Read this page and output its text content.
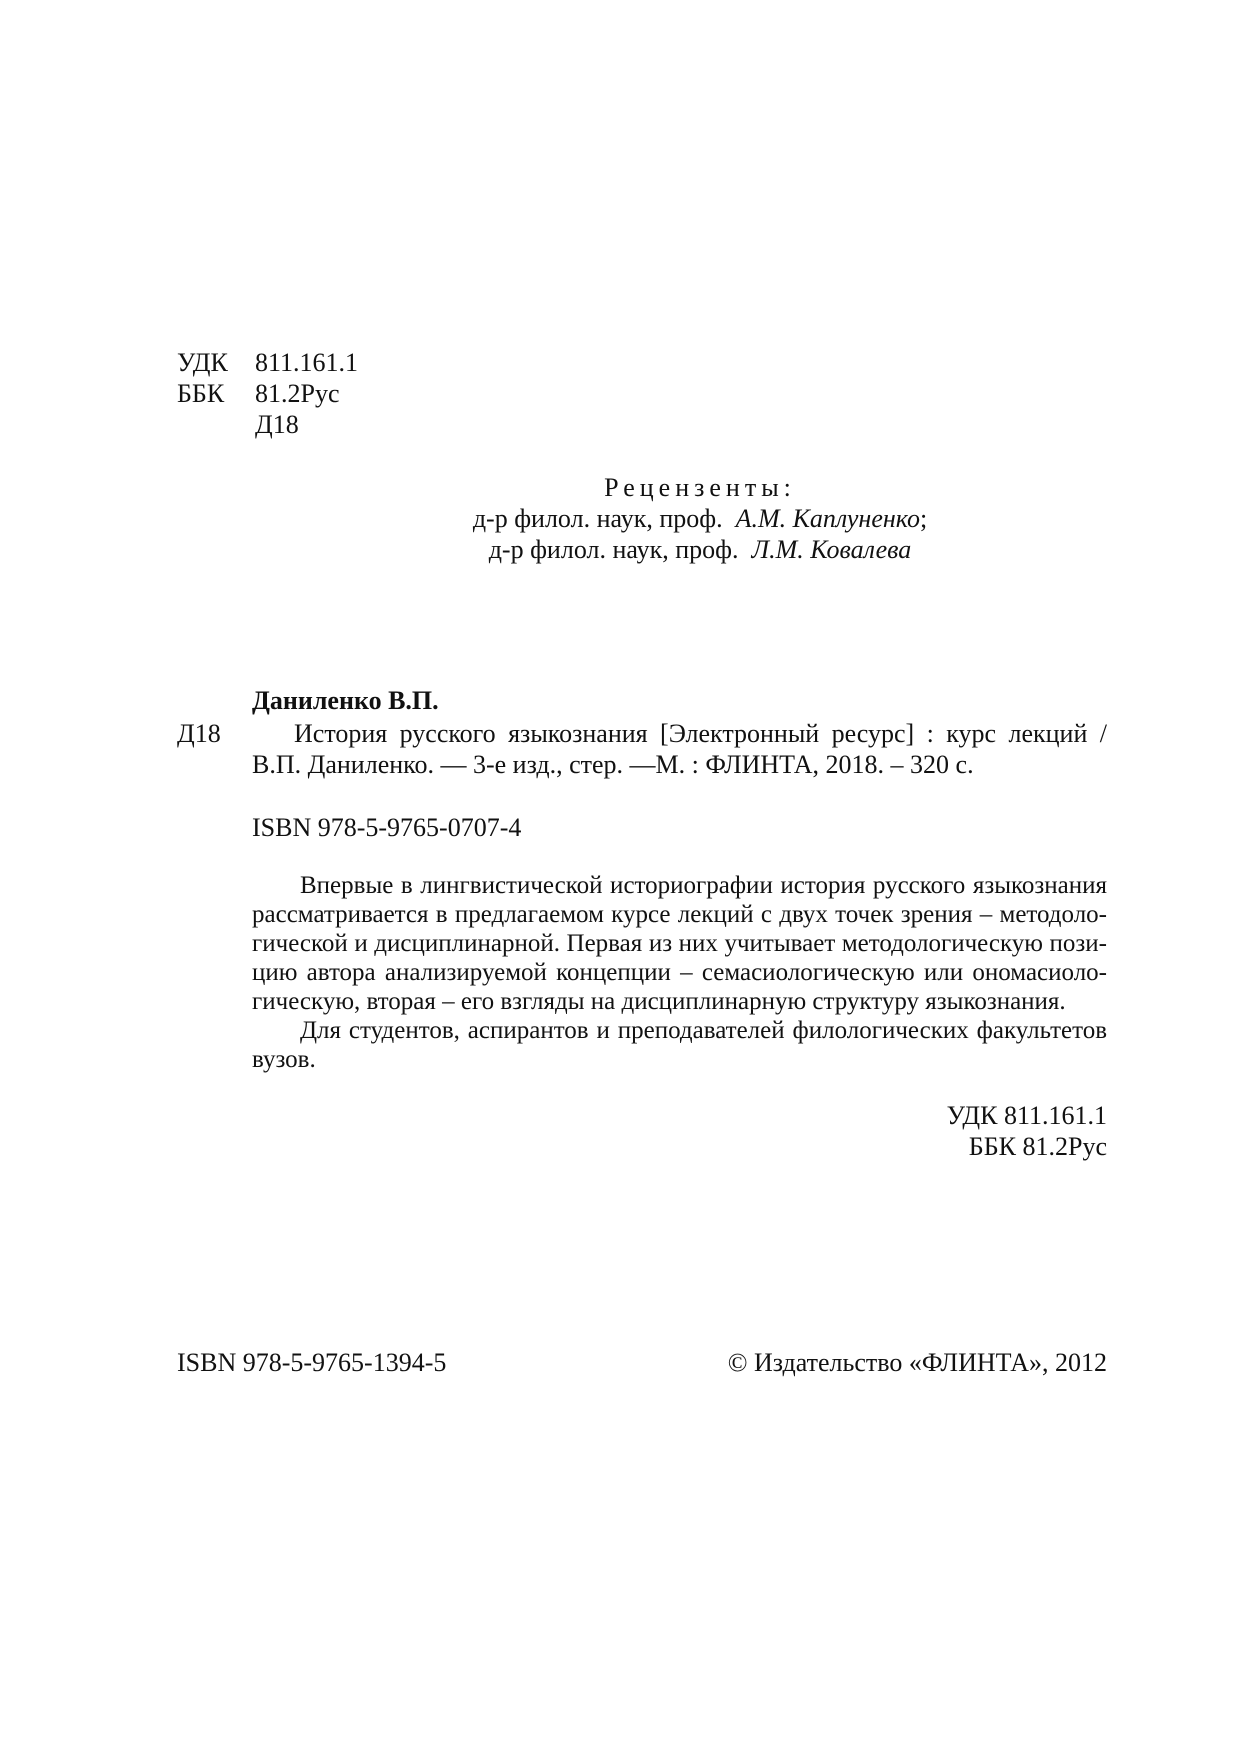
УДК 811.161.1
ББК 81.2Рус
Д18
Рецензенты:
д-р филол. наук, проф. А.М. Каплуненко;
д-р филол. наук, проф. Л.М. Ковалева
Даниленко В.П.
Д18	История русского языкознания [Электронный ресурс] : курс лекций /
В.П. Даниленко. — 3-е изд., стер. —М. : ФЛИНТА, 2018. – 320 с.
ISBN 978-5-9765-0707-4
Впервые в лингвистической историографии история русского языкознания
рассматривается в предлагаемом курсе лекций с двух точек зрения – методоло-
гической и дисциплинарной. Первая из них учитывает методологическую пози-
цию автора анализируемой концепции – семасиологическую или ономасиоло-
гическую, вторая – его взгляды на дисциплинарную структуру языкознания.
Для студентов, аспирантов и преподавателей филологических факультетов
вузов.
УДК 811.161.1
ББК 81.2Рус
ISBN 978-5-9765-1394-5	© Издательство «ФЛИНТА», 2012
